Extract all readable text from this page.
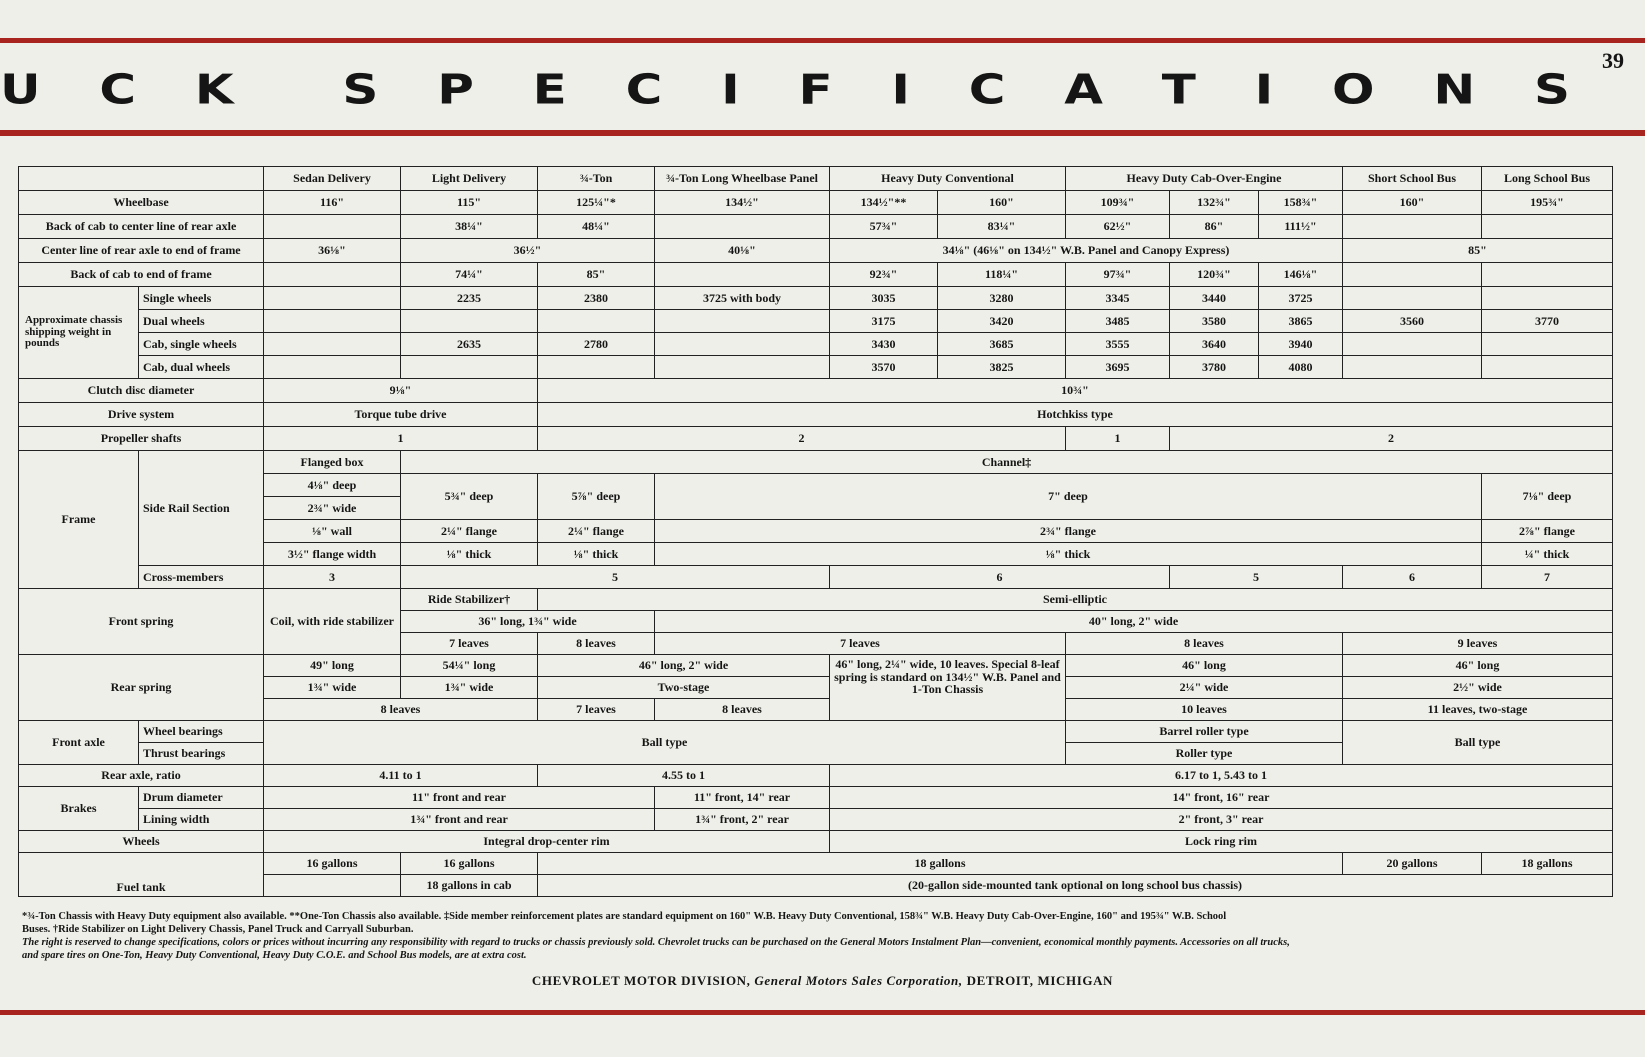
U C K S P E C I F I C A T I O N S
39
		Sedan Delivery	Light Delivery	¾-Ton	¾-Ton Long Wheelbase Panel	Heavy Duty Conventional		Heavy Duty Cab-Over-Engine			Short School Bus	Long School Bus	
Wheelbase		116"	115"	125¼"*	134½"	134½"**	160"	109¾"	132¾"	158¾"	160"	195¾"	
Back of cab to center line of rear axle			38¼"	48¼"		57¾"	83¼"	62½"	86"	111½"			
Center line of rear axle to end of frame		36⅛"	36½"		40⅛"	34⅛" (46⅛" on 134½" W.B. Panel and Canopy Express)					85"		
Back of cab to end of frame			74¼"	85"		92¾"	118¼"	97¾"	120¾"	146⅛"			
Approximate chassis shipping weight in pounds	Single wheels		2235	2380	3725 with body	3035	3280	3345	3440	3725			
	Dual wheels					3175	3420	3485	3580	3865	3560	3770	
	Cab, single wheels		2635	2780		3430	3685	3555	3640	3940			
	Cab, dual wheels					3570	3825	3695	3780	4080			
Clutch disc diameter		9⅛"		10¾"									
Drive system		Torque tube drive		Hotchkiss type									
Propeller shafts		1		2				1	2	
Frame	Side Rail Section	Flanged box	Channel‡										
		4⅛" deep	5¾" deep	5⅞" deep	7" deep							7⅛" deep	
		2¾" wide											
		⅛" wall	2¼" flange	2¼" flange	2¾" flange							2⅞" flange	
		3½" flange width	⅛" thick	⅛" thick	⅛" thick							¼" thick	
	Cross-members	3	5			6			5		6	7	
Front spring		Coil, with ride stabilizer	Ride Stabilizer†	Semi-elliptic									
			36" long, 1¾" wide		40" long, 2" wide								
			7 leaves	8 leaves	7 leaves			8 leaves			9 leaves		
Rear spring		49" long	54¼" long	46" long, 2" wide		46" long, 2¼" wide, 10 leaves. Special 8-leaf spring is standard on 134½" W.B. Panel and 1-Ton Chassis		46" long			46" long		
		1¾" wide	1¾" wide	Two-stage				2¼" wide			2½" wide		
		8 leaves		7 leaves	8 leaves			10 leaves			11 leaves, two-stage		
Front axle	Wheel bearings	Ball type						Barrel roller type			Ball type		
	Thrust bearings							Roller type					
Rear axle, ratio		4.11 to 1		4.55 to 1		6.17 to 1, 5.43 to 1							
Brakes	Drum diameter	11" front and rear			11" front, 14" rear	14" front, 16" rear							
	Lining width	1¾" front and rear			1¾" front, 2" rear	2" front, 3" rear							
Wheels		Integral drop-center rim				Lock ring rim							
Fuel tank		16 gallons	16 gallons	18 gallons							20 gallons	18 gallons	
			18 gallons in cab	(20-gallon side-mounted tank optional on long school bus chassis)									

*¾-Ton Chassis with Heavy Duty equipment also available. **One-Ton Chassis also available. ‡Side member reinforcement plates are standard equipment on 160" W.B. Heavy Duty Conventional, 158¾" W.B. Heavy Duty Cab-Over-Engine, 160" and 195¾" W.B. School

Buses. †Ride Stabilizer on Light Delivery Chassis, Panel Truck and Carryall Suburban.

The right is reserved to change specifications, colors or prices without incurring any responsibility with regard to trucks or chassis previously sold. Chevrolet trucks can be purchased on the General Motors Instalment Plan—convenient, economical monthly payments. Accessories on all trucks,

and spare tires on One-Ton, Heavy Duty Conventional, Heavy Duty C.O.E. and School Bus models, are at extra cost.

CHEVROLET MOTOR DIVISION, General Motors Sales Corporation, DETROIT, MICHIGAN
